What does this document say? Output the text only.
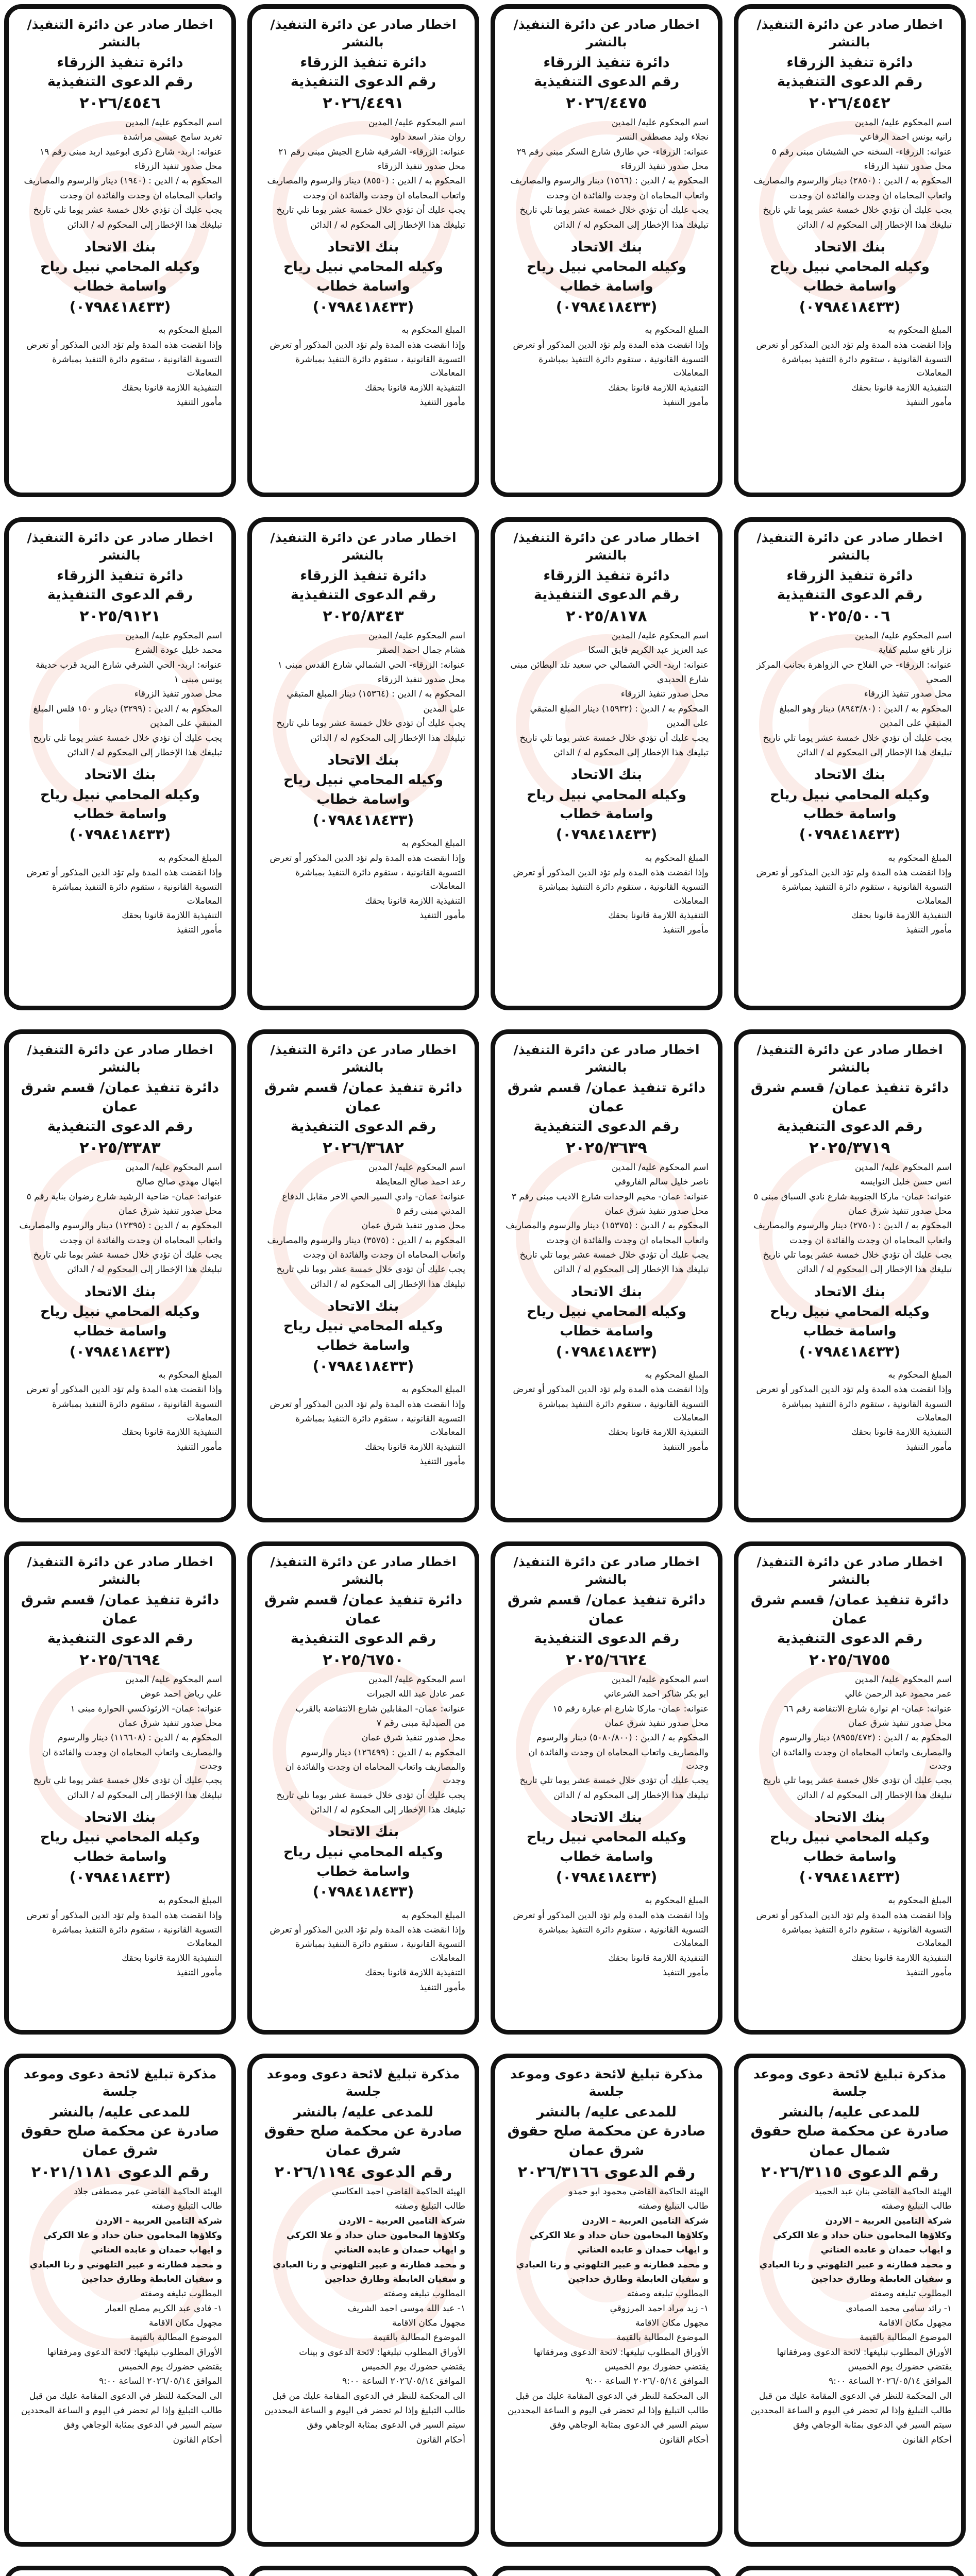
اخطار صادر عن دائرة التنفيذ/ بالنشر
دائرة تنفيذ الزرقاء
رقم الدعوى التنفيذية
٢٠٢٦/٤٥٤٢
اسم المحكوم عليه/ المدين
رانيه يونس احمد الرفاعي
عنوانه: الزرقاء- السخنه حي الشيشان مبنى رقم ٥
محل صدور تنفيذ الزرقاء
المحكوم به / الدين : (٢٨٥٠) دينار والرسوم والمصاريف
واتعاب المحاماه ان وجدت والفائدة ان وجدت
يجب عليك أن تؤدي خلال خمسة عشر يوما تلي تاريخ
تبليغك هذا الإخطار إلى المحكوم له / الدائن
بنك الاتحاد
وكيله المحامي نبيل رياح واسامة خطاب
(٠٧٩٨٤١٨٤٣٣)
المبلغ المحكوم به
وإذا انقضت هذه المدة ولم تؤد الدين المذكور أو تعرض
التسوية القانونية ، ستقوم دائرة التنفيذ بمباشرة المعاملات
التنفيذية اللازمة قانونا بحقك
مأمور التنفيذ
اخطار صادر عن دائرة التنفيذ/ بالنشر
دائرة تنفيذ الزرقاء
رقم الدعوى التنفيذية
٢٠٢٦/٤٤٧٥
اسم المحكوم عليه/ المدين
نجلاء وليد مصطفى النسر
عنوانه: الزرقاء- حي طارق شارع السكر مبنى رقم ٢٩
محل صدور تنفيذ الزرقاء
المحكوم به / الدين : (١٥٦٦) دينار والرسوم والمصاريف
واتعاب المحاماه ان وجدت والفائدة ان وجدت
يجب عليك أن تؤدي خلال خمسة عشر يوما تلي تاريخ
تبليغك هذا الإخطار إلى المحكوم له / الدائن
بنك الاتحاد
وكيله المحامي نبيل رياح واسامة خطاب
(٠٧٩٨٤١٨٤٣٣)
المبلغ المحكوم به
وإذا انقضت هذه المدة ولم تؤد الدين المذكور أو تعرض
التسوية القانونية ، ستقوم دائرة التنفيذ بمباشرة المعاملات
التنفيذية اللازمة قانونا بحقك
مأمور التنفيذ
اخطار صادر عن دائرة التنفيذ/ بالنشر
دائرة تنفيذ الزرقاء
رقم الدعوى التنفيذية
٢٠٢٦/٤٤٩١
اسم المحكوم عليه/ المدين
روان منذر اسعد داود
عنوانه: الزرقاء- الشرقية شارع الجيش مبنى رقم ٢١
محل صدور تنفيذ الزرقاء
المحكوم به / الدين : (٨٥٥٠) دينار والرسوم والمصاريف
واتعاب المحاماه ان وجدت والفائدة ان وجدت
يجب عليك أن تؤدي خلال خمسة عشر يوما تلي تاريخ
تبليغك هذا الإخطار إلى المحكوم له / الدائن
بنك الاتحاد
وكيله المحامي نبيل رياح واسامة خطاب
(٠٧٩٨٤١٨٤٣٣)
المبلغ المحكوم به
وإذا انقضت هذه المدة ولم تؤد الدين المذكور أو تعرض
التسوية القانونية ، ستقوم دائرة التنفيذ بمباشرة المعاملات
التنفيذية اللازمة قانونا بحقك
مأمور التنفيذ
اخطار صادر عن دائرة التنفيذ/ بالنشر
دائرة تنفيذ الزرقاء
رقم الدعوى التنفيذية
٢٠٢٦/٤٥٤٦
اسم المحكوم عليه/ المدين
تغريد سامح عيسى مراشدة
عنوانه: اربد- شارع ذكرى ابوعبيد اربد مبنى رقم ١٩
محل صدور تنفيذ الزرقاء
المحكوم به / الدين : (١٩٤٠) دينار والرسوم والمصاريف
واتعاب المحاماه ان وجدت والفائدة ان وجدت
يجب عليك أن تؤدي خلال خمسة عشر يوما تلي تاريخ
تبليغك هذا الإخطار إلى المحكوم له / الدائن
بنك الاتحاد
وكيله المحامي نبيل رياح واسامة خطاب
(٠٧٩٨٤١٨٤٣٣)
المبلغ المحكوم به
وإذا انقضت هذه المدة ولم تؤد الدين المذكور أو تعرض
التسوية القانونية ، ستقوم دائرة التنفيذ بمباشرة المعاملات
التنفيذية اللازمة قانونا بحقك
مأمور التنفيذ
اخطار صادر عن دائرة التنفيذ/ بالنشر
دائرة تنفيذ الزرقاء
رقم الدعوى التنفيذية
٢٠٢٥/٥٠٠٦
اسم المحكوم عليه/ المدين
نزار نافع سليم كفاية
عنوانه: الزرقاء- حي الفلاح حي الزواهرة بجانب المركز
الصحي
محل صدور تنفيذ الزرقاء
المحكوم به / الدين : (٨٩٤٣/٨٠) دينار وهو المبلغ
المتبقي على المدين
يجب عليك أن تؤدي خلال خمسة عشر يوما تلي تاريخ
تبليغك هذا الإخطار إلى المحكوم له / الدائن
بنك الاتحاد
وكيله المحامي نبيل رياح واسامة خطاب
(٠٧٩٨٤١٨٤٣٣)
المبلغ المحكوم به
وإذا انقضت هذه المدة ولم تؤد الدين المذكور أو تعرض
التسوية القانونية ، ستقوم دائرة التنفيذ بمباشرة المعاملات
التنفيذية اللازمة قانونا بحقك
مأمور التنفيذ
اخطار صادر عن دائرة التنفيذ/ بالنشر
دائرة تنفيذ الزرقاء
رقم الدعوى التنفيذية
٢٠٢٥/٨١٧٨
اسم المحكوم عليه/ المدين
عبد العزيز عبد الكريم فايق السكا
عنوانه: اربد- الحي الشمالي حي سعيد تلد البطائن مبنى
شارع الحديدي
محل صدور تنفيذ الزرقاء
المحكوم به / الدين : (١٥٩٣٢) دينار المبلغ المتبقي
على المدين
يجب عليك أن تؤدي خلال خمسة عشر يوما تلي تاريخ
تبليغك هذا الإخطار إلى المحكوم له / الدائن
بنك الاتحاد
وكيله المحامي نبيل رياح واسامة خطاب
(٠٧٩٨٤١٨٤٣٣)
المبلغ المحكوم به
وإذا انقضت هذه المدة ولم تؤد الدين المذكور أو تعرض
التسوية القانونية ، ستقوم دائرة التنفيذ بمباشرة المعاملات
التنفيذية اللازمة قانونا بحقك
مأمور التنفيذ
اخطار صادر عن دائرة التنفيذ/ بالنشر
دائرة تنفيذ الزرقاء
رقم الدعوى التنفيذية
٢٠٢٥/٨٣٤٣
اسم المحكوم عليه/ المدين
هشام جمال احمد الصقر
عنوانه: الزرقاء- الحي الشمالي شارع القدس مبنى ١
محل صدور تنفيذ الزرقاء
المحكوم به / الدين : (١٥٣٦٤) دينار المبلغ المتبقي
على المدين
يجب عليك أن تؤدي خلال خمسة عشر يوما تلي تاريخ
تبليغك هذا الإخطار إلى المحكوم له / الدائن
بنك الاتحاد
وكيله المحامي نبيل رياح واسامة خطاب
(٠٧٩٨٤١٨٤٣٣)
المبلغ المحكوم به
وإذا انقضت هذه المدة ولم تؤد الدين المذكور أو تعرض
التسوية القانونية ، ستقوم دائرة التنفيذ بمباشرة المعاملات
التنفيذية اللازمة قانونا بحقك
مأمور التنفيذ
اخطار صادر عن دائرة التنفيذ/ بالنشر
دائرة تنفيذ الزرقاء
رقم الدعوى التنفيذية
٢٠٢٥/٩١٢١
اسم المحكوم عليه/ المدين
محمد خليل عودة الشرع
عنوانه: اربد- الحي الشرقي شارع البريد قرب حديقة
يونس مبنى ١
محل صدور تنفيذ الزرقاء
المحكوم به / الدين : (٣٢٩٩) دينار و ١٥٠ فلس المبلغ
المتبقي على المدين
يجب عليك أن تؤدي خلال خمسة عشر يوما تلي تاريخ
تبليغك هذا الإخطار إلى المحكوم له / الدائن
بنك الاتحاد
وكيله المحامي نبيل رياح واسامة خطاب
(٠٧٩٨٤١٨٤٣٣)
المبلغ المحكوم به
وإذا انقضت هذه المدة ولم تؤد الدين المذكور أو تعرض
التسوية القانونية ، ستقوم دائرة التنفيذ بمباشرة المعاملات
التنفيذية اللازمة قانونا بحقك
مأمور التنفيذ
اخطار صادر عن دائرة التنفيذ/ بالنشر
دائرة تنفيذ عمان/ قسم شرق عمان
رقم الدعوى التنفيذية
٢٠٢٥/٣٧١٩
اسم المحكوم عليه/ المدين
انس حسن خليل النوايسه
عنوانه: عمان- ماركا الجنوبية شارع نادي السباق مبنى ٥
محل صدور تنفيذ شرق عمان
المحكوم به / الدين : (٢٧٥٠) دينار والرسوم والمصاريف
واتعاب المحاماه ان وجدت والفائدة ان وجدت
يجب عليك أن تؤدي خلال خمسة عشر يوما تلي تاريخ
تبليغك هذا الإخطار إلى المحكوم له / الدائن
بنك الاتحاد
وكيله المحامي نبيل رياح واسامة خطاب
(٠٧٩٨٤١٨٤٣٣)
المبلغ المحكوم به
وإذا انقضت هذه المدة ولم تؤد الدين المذكور أو تعرض
التسوية القانونية ، ستقوم دائرة التنفيذ بمباشرة المعاملات
التنفيذية اللازمة قانونا بحقك
مأمور التنفيذ
اخطار صادر عن دائرة التنفيذ/ بالنشر
دائرة تنفيذ عمان/ قسم شرق عمان
رقم الدعوى التنفيذية
٢٠٢٥/٣٦٣٩
اسم المحكوم عليه/ المدين
ناصر خليل سالم الفاروقي
عنوانه: عمان- مخيم الوحدات شارع الاديب مبنى رقم ٣
محل صدور تنفيذ شرق عمان
المحكوم به / الدين : (١٥٣٧٥) دينار والرسوم والمصاريف
واتعاب المحاماه ان وجدت والفائدة ان وجدت
يجب عليك أن تؤدي خلال خمسة عشر يوما تلي تاريخ
تبليغك هذا الإخطار إلى المحكوم له / الدائن
بنك الاتحاد
وكيله المحامي نبيل رياح واسامة خطاب
(٠٧٩٨٤١٨٤٣٣)
المبلغ المحكوم به
وإذا انقضت هذه المدة ولم تؤد الدين المذكور أو تعرض
التسوية القانونية ، ستقوم دائرة التنفيذ بمباشرة المعاملات
التنفيذية اللازمة قانونا بحقك
مأمور التنفيذ
اخطار صادر عن دائرة التنفيذ/ بالنشر
دائرة تنفيذ عمان/ قسم شرق عمان
رقم الدعوى التنفيذية
٢٠٢٦/٣٦٨٢
اسم المحكوم عليه/ المدين
رعد احمد صالح المعايطة
عنوانه: عمان- وادي السير الحي الاخر مقابل الدفاع
المدني مبنى رقم ٥
محل صدور تنفيذ شرق عمان
المحكوم به / الدين : (٣٥٧٥) دينار والرسوم والمصاريف
واتعاب المحاماه ان وجدت والفائدة ان وجدت
يجب عليك أن تؤدي خلال خمسة عشر يوما تلي تاريخ
تبليغك هذا الإخطار إلى المحكوم له / الدائن
بنك الاتحاد
وكيله المحامي نبيل رياح واسامة خطاب
(٠٧٩٨٤١٨٤٣٣)
المبلغ المحكوم به
وإذا انقضت هذه المدة ولم تؤد الدين المذكور أو تعرض
التسوية القانونية ، ستقوم دائرة التنفيذ بمباشرة المعاملات
التنفيذية اللازمة قانونا بحقك
مأمور التنفيذ
اخطار صادر عن دائرة التنفيذ/ بالنشر
دائرة تنفيذ عمان/ قسم شرق عمان
رقم الدعوى التنفيذية
٢٠٢٥/٣٣٨٣
اسم المحكوم عليه/ المدين
ابتهال مهدي صالح صالح
عنوانه: عمان- ضاحية الرشيد شارع رضوان بناية رقم ٥
محل صدور تنفيذ شرق عمان
المحكوم به / الدين : (١٢٣٩٥) دينار والرسوم والمصاريف
واتعاب المحاماه ان وجدت والفائدة ان وجدت
يجب عليك أن تؤدي خلال خمسة عشر يوما تلي تاريخ
تبليغك هذا الإخطار إلى المحكوم له / الدائن
بنك الاتحاد
وكيله المحامي نبيل رياح واسامة خطاب
(٠٧٩٨٤١٨٤٣٣)
المبلغ المحكوم به
وإذا انقضت هذه المدة ولم تؤد الدين المذكور أو تعرض
التسوية القانونية ، ستقوم دائرة التنفيذ بمباشرة المعاملات
التنفيذية اللازمة قانونا بحقك
مأمور التنفيذ
اخطار صادر عن دائرة التنفيذ/ بالنشر
دائرة تنفيذ عمان/ قسم شرق عمان
رقم الدعوى التنفيذية
٢٠٢٥/٦٧٥٥
اسم المحكوم عليه/ المدين
عمر محمود عبد الرحمن غالي
عنوانه: عمان- ام نوارة شارع الانتفاضة رقم ٦٦
محل صدور تنفيذ شرق عمان
المحكوم به / الدين : (٨٩٥٥/٤٧٢) دينار والرسوم
والمصاريف واتعاب المحاماه ان وجدت والفائدة ان وجدت
يجب عليك أن تؤدي خلال خمسة عشر يوما تلي تاريخ
تبليغك هذا الإخطار إلى المحكوم له / الدائن
بنك الاتحاد
وكيله المحامي نبيل رياح واسامة خطاب
(٠٧٩٨٤١٨٤٣٣)
المبلغ المحكوم به
وإذا انقضت هذه المدة ولم تؤد الدين المذكور أو تعرض
التسوية القانونية ، ستقوم دائرة التنفيذ بمباشرة المعاملات
التنفيذية اللازمة قانونا بحقك
مأمور التنفيذ
اخطار صادر عن دائرة التنفيذ/ بالنشر
دائرة تنفيذ عمان/ قسم شرق عمان
رقم الدعوى التنفيذية
٢٠٢٥/٦٦٢٤
اسم المحكوم عليه/ المدين
ابو بكر شاكر احمد الشرعاني
عنوانه: عمان- ماركا شارع ام عبارة رقم ١٥
محل صدور تنفيذ شرق عمان
المحكوم به / الدين : (٥٠٨٠/٨٠٠) دينار والرسوم
والمصاريف واتعاب المحاماه ان وجدت والفائدة ان وجدت
يجب عليك أن تؤدي خلال خمسة عشر يوما تلي تاريخ
تبليغك هذا الإخطار إلى المحكوم له / الدائن
بنك الاتحاد
وكيله المحامي نبيل رياح واسامة خطاب
(٠٧٩٨٤١٨٤٣٣)
المبلغ المحكوم به
وإذا انقضت هذه المدة ولم تؤد الدين المذكور أو تعرض
التسوية القانونية ، ستقوم دائرة التنفيذ بمباشرة المعاملات
التنفيذية اللازمة قانونا بحقك
مأمور التنفيذ
اخطار صادر عن دائرة التنفيذ/ بالنشر
دائرة تنفيذ عمان/ قسم شرق عمان
رقم الدعوى التنفيذية
٢٠٢٥/٦٧٥٠
اسم المحكوم عليه/ المدين
عمر عادل عبد الله الجبرات
عنوانه: عمان- المقابلين شارع الانتفاضة بالقرب
من الصيدلية مبنى رقم ٧
محل صدور تنفيذ شرق عمان
المحكوم به / الدين : (١٢٦٤٩٩) دينار والرسوم
والمصاريف واتعاب المحاماه ان وجدت والفائدة ان وجدت
يجب عليك أن تؤدي خلال خمسة عشر يوما تلي تاريخ
تبليغك هذا الإخطار إلى المحكوم له / الدائن
بنك الاتحاد
وكيله المحامي نبيل رياح واسامة خطاب
(٠٧٩٨٤١٨٤٣٣)
المبلغ المحكوم به
وإذا انقضت هذه المدة ولم تؤد الدين المذكور أو تعرض
التسوية القانونية ، ستقوم دائرة التنفيذ بمباشرة المعاملات
التنفيذية اللازمة قانونا بحقك
مأمور التنفيذ
اخطار صادر عن دائرة التنفيذ/ بالنشر
دائرة تنفيذ عمان/ قسم شرق عمان
رقم الدعوى التنفيذية
٢٠٢٥/٦٦٩٤
اسم المحكوم عليه/ المدين
علي رياض احمد عوض
عنوانه: عمان- الارثوذكسي الحوارة مبنى ١
محل صدور تنفيذ شرق عمان
المحكوم به / الدين : (١١٦٦٠٨) دينار والرسوم
والمصاريف واتعاب المحاماه ان وجدت والفائدة ان وجدت
يجب عليك أن تؤدي خلال خمسة عشر يوما تلي تاريخ
تبليغك هذا الإخطار إلى المحكوم له / الدائن
بنك الاتحاد
وكيله المحامي نبيل رياح واسامة خطاب
(٠٧٩٨٤١٨٤٣٣)
المبلغ المحكوم به
وإذا انقضت هذه المدة ولم تؤد الدين المذكور أو تعرض
التسوية القانونية ، ستقوم دائرة التنفيذ بمباشرة المعاملات
التنفيذية اللازمة قانونا بحقك
مأمور التنفيذ
مذكرة تبليغ لائحة دعوى وموعد جلسة
للمدعى عليه/ بالنشر
صادرة عن محكمة صلح حقوق شمال عمان
رقم الدعوى ٢٠٢٦/٣١١٥
الهيئة الحاكمة القاضي بنان عبد الحميد
طالب التبليغ وصفته
شركة التامين العربية – الاردن
وكلاؤها المحامون حنان حداد و علا الكركي
و ايهاب حمدان و عابده العناني
و محمد قطارنه و عبير التلهوني و رنا العبادي
و سفيان العابطة وطارق حداجين
المطلوب تبليغه وصفته
١- رائد سامي محمد الصمادي
مجهول مكان الاقامة
الموضوع المطالبة بالقيمة
الأوراق المطلوب تبليغها: لائحة الدعوى ومرفقاتها
يقتضي حضورك يوم الخميس
الموافق ٢٠٢٦/٠٥/١٤ الساعة ٩:٠٠
الى المحكمة للنظر في الدعوى المقامة عليك من قبل
طالب التبليغ وإذا لم تحضر في اليوم و الساعة المحددين
سيتم السير في الدعوى بمثابة الوجاهي وفق
أحكام القانون
مذكرة تبليغ لائحة دعوى وموعد جلسة
للمدعى عليه/ بالنشر
صادرة عن محكمة صلح حقوق شرق عمان
رقم الدعوى ٢٠٢٦/٣١٦٦
الهيئة الحاكمة القاضي محمود ابو حمدو
طالب التبليغ وصفته
شركة التامين العربية – الاردن
وكلاؤها المحامون حنان حداد و علا الكركي
و ايهاب حمدان و عابده العناني
و محمد قطارنه و عبير التلهوني و رنا العبادي
و سفيان العابطة وطارق حداجين
المطلوب تبليغه وصفته
١- زيد مراد احمد المرزوقي
مجهول مكان الاقامة
الموضوع المطالبة بالقيمة
الأوراق المطلوب تبليغها: لائحة الدعوى ومرفقاتها
يقتضي حضورك يوم الخميس
الموافق ٢٠٢٦/٠٥/١٤ الساعة ٩:٠٠
الى المحكمة للنظر في الدعوى المقامة عليك من قبل
طالب التبليغ وإذا لم تحضر في اليوم و الساعة المحددين
سيتم السير في الدعوى بمثابة الوجاهي وفق
أحكام القانون
مذكرة تبليغ لائحة دعوى وموعد جلسة
للمدعى عليه/ بالنشر
صادرة عن محكمة صلح حقوق شرق عمان
رقم الدعوى ٢٠٢٦/١١٩٤
الهيئة الحاكمة القاضي احمد العكاسي
طالب التبليغ وصفته
شركة التامين العربية – الاردن
وكلاؤها المحامون حنان حداد و علا الكركي
و ايهاب حمدان و عابده العناني
و محمد قطارنه و عبير التلهوني و رنا العبادي
و سفيان العابطة وطارق حداجين
المطلوب تبليغه وصفته
١- عبد الله موسى احمد الشريف
مجهول مكان الاقامة
الموضوع المطالبة بالقيمة
الأوراق المطلوب تبليغها: لائحة الدعوى و بينات
يقتضي حضورك يوم الخميس
الموافق ٢٠٢٦/٠٥/١٤ الساعة ٩:٠٠
الى المحكمة للنظر في الدعوى المقامة عليك من قبل
طالب التبليغ وإذا لم تحضر في اليوم و الساعة المحددين
سيتم السير في الدعوى بمثابة الوجاهي وفق
أحكام القانون
مذكرة تبليغ لائحة دعوى وموعد جلسة
للمدعى عليه/ بالنشر
صادرة عن محكمة صلح حقوق شرق عمان
رقم الدعوى ٢٠٢١/١١٨١
الهيئة الحاكمة القاضي عمر مصطفى جلاد
طالب التبليغ وصفته
شركة التامين العربية – الاردن
وكلاؤها المحامون حنان حداد و علا الكركي
و ايهاب حمدان و عابده العناني
و محمد قطارنه و عبير التلهوني و رنا العبادي
و سفيان العابطة وطارق حداجين
المطلوب تبليغه وصفته
١- فادي عبد الكريم مصلح العمار
مجهول مكان الاقامة
الموضوع المطالبة بالقيمة
الأوراق المطلوب تبليغها: لائحة الدعوى ومرفقاتها
يقتضي حضورك يوم الخميس
الموافق ٢٠٢٦/٠٥/١٤ الساعة ٩:٠٠
الى المحكمة للنظر في الدعوى المقامة عليك من قبل
طالب التبليغ وإذا لم تحضر في اليوم و الساعة المحددين
سيتم السير في الدعوى بمثابة الوجاهي وفق
أحكام القانون
